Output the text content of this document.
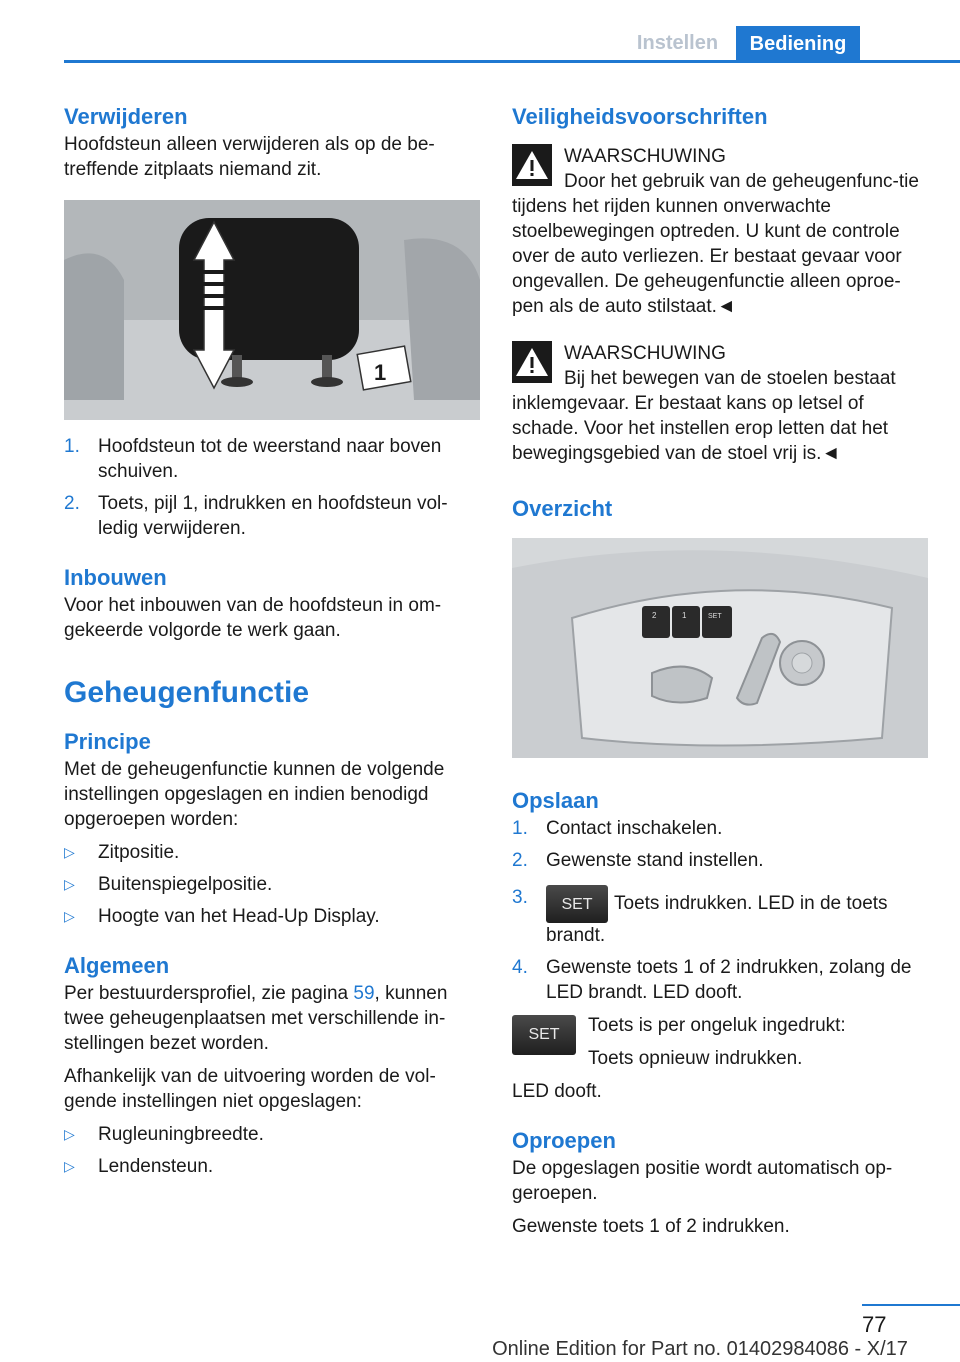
Instellen	Bediening
Verwijderen

Hoofdsteun alleen verwijderen als op de be-treffende zitplaats niemand zit.

1
1. Hoofdsteun tot de weerstand naar boven schuiven.
2. Toets, pijl 1, indrukken en hoofdsteun vol-ledig verwijderen.
Inbouwen

Voor het inbouwen van de hoofdsteun in om-gekeerde volgorde te werk gaan.

Geheugenfunctie
Principe

Met de geheugenfunctie kunnen de volgende instellingen opgeslagen en indien benodigd opgeroepen worden:

▷ Zitpositie.
▷ Buitenspiegelpositie.
▷ Hoogte van het Head-Up Display.
Algemeen

Per bestuurdersprofiel, zie pagina 59, kunnen twee geheugenplaatsen met verschillende in-stellingen bezet worden.

Afhankelijk van de uitvoering worden de vol-gende instellingen niet opgeslagen:

▷ Rugleuningbreedte.
▷ Lendensteun.
Veiligheidsvoorschriften
WAARSCHUWING
Door het gebruik van de geheugenfunc-tie tijdens het rijden kunnen onverwachte stoelbewegingen optreden. U kunt de controle over de auto verliezen. Er bestaat gevaar voor ongevallen. De geheugenfunctie alleen oproe-pen als de auto stilstaat.◄
WAARSCHUWING
Bij het bewegen van de stoelen bestaat inklemgevaar. Er bestaat kans op letsel of schade. Voor het instellen erop letten dat het bewegingsgebied van de stoel vrij is.◄
Overzicht
2	1	SET
Opslaan
1. Contact inschakelen.
2. Gewenste stand instellen.
3. SET Toets indrukken. LED in de toets brandt.
4. Gewenste toets 1 of 2 indrukken, zolang de LED brandt. LED dooft.
SET	Toets is per ongeluk ingedrukt:

Toets opnieuw indrukken.

LED dooft.

Oproepen

De opgeslagen positie wordt automatisch op-geroepen.

Gewenste toets 1 of 2 indrukken.

77
Online Edition for Part no. 01402984086 - X/17
